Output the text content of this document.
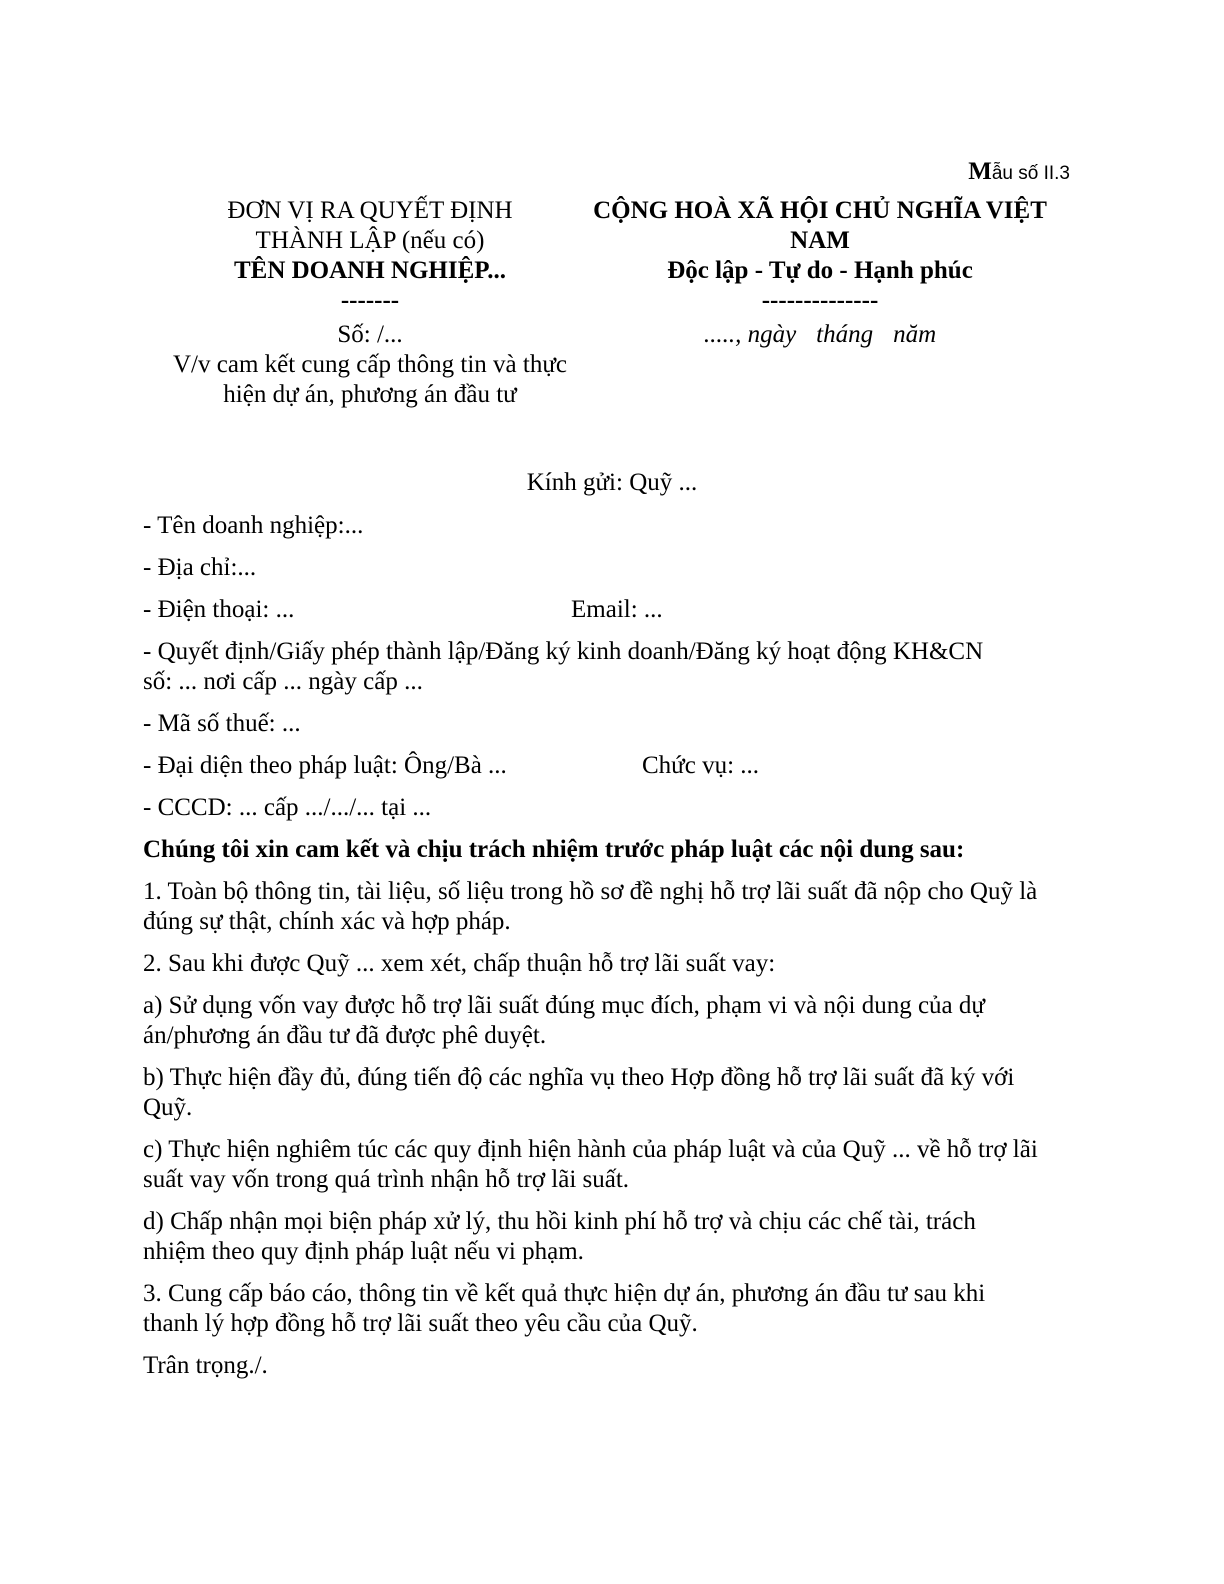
Mẫu số II.3
ĐƠN VỊ RA QUYẾT ĐỊNH
THÀNH LẬP (nếu có)
TÊN DOANH NGHIỆP...
-------
Số: /...
V/v cam kết cung cấp thông tin và thực
hiện dự án, phương án đầu tư
CỘNG HOÀ XÃ HỘI CHỦ NGHĨA VIỆT
NAM
Độc lập - Tự do - Hạnh phúc
--------------
....., ngày tháng năm
Kính gửi: Quỹ ...

- Tên doanh nghiệp:...

- Địa chỉ:...

- Điện thoại: ...	Email: ...

- Quyết định/Giấy phép thành lập/Đăng ký kinh doanh/Đăng ký hoạt động KH&CN
số: ... nơi cấp ... ngày cấp ...

- Mã số thuế: ...

- Đại diện theo pháp luật: Ông/Bà ...	Chức vụ: ...

- CCCD: ... cấp .../.../... tại ...

Chúng tôi xin cam kết và chịu trách nhiệm trước pháp luật các nội dung sau:

1. Toàn bộ thông tin, tài liệu, số liệu trong hồ sơ đề nghị hỗ trợ lãi suất đã nộp cho Quỹ là
đúng sự thật, chính xác và hợp pháp.

2. Sau khi được Quỹ ... xem xét, chấp thuận hỗ trợ lãi suất vay:

a) Sử dụng vốn vay được hỗ trợ lãi suất đúng mục đích, phạm vi và nội dung của dự
án/phương án đầu tư đã được phê duyệt.

b) Thực hiện đầy đủ, đúng tiến độ các nghĩa vụ theo Hợp đồng hỗ trợ lãi suất đã ký với
Quỹ.

c) Thực hiện nghiêm túc các quy định hiện hành của pháp luật và của Quỹ ... về hỗ trợ lãi
suất vay vốn trong quá trình nhận hỗ trợ lãi suất.

d) Chấp nhận mọi biện pháp xử lý, thu hồi kinh phí hỗ trợ và chịu các chế tài, trách
nhiệm theo quy định pháp luật nếu vi phạm.

3. Cung cấp báo cáo, thông tin về kết quả thực hiện dự án, phương án đầu tư sau khi
thanh lý hợp đồng hỗ trợ lãi suất theo yêu cầu của Quỹ.

Trân trọng./.
